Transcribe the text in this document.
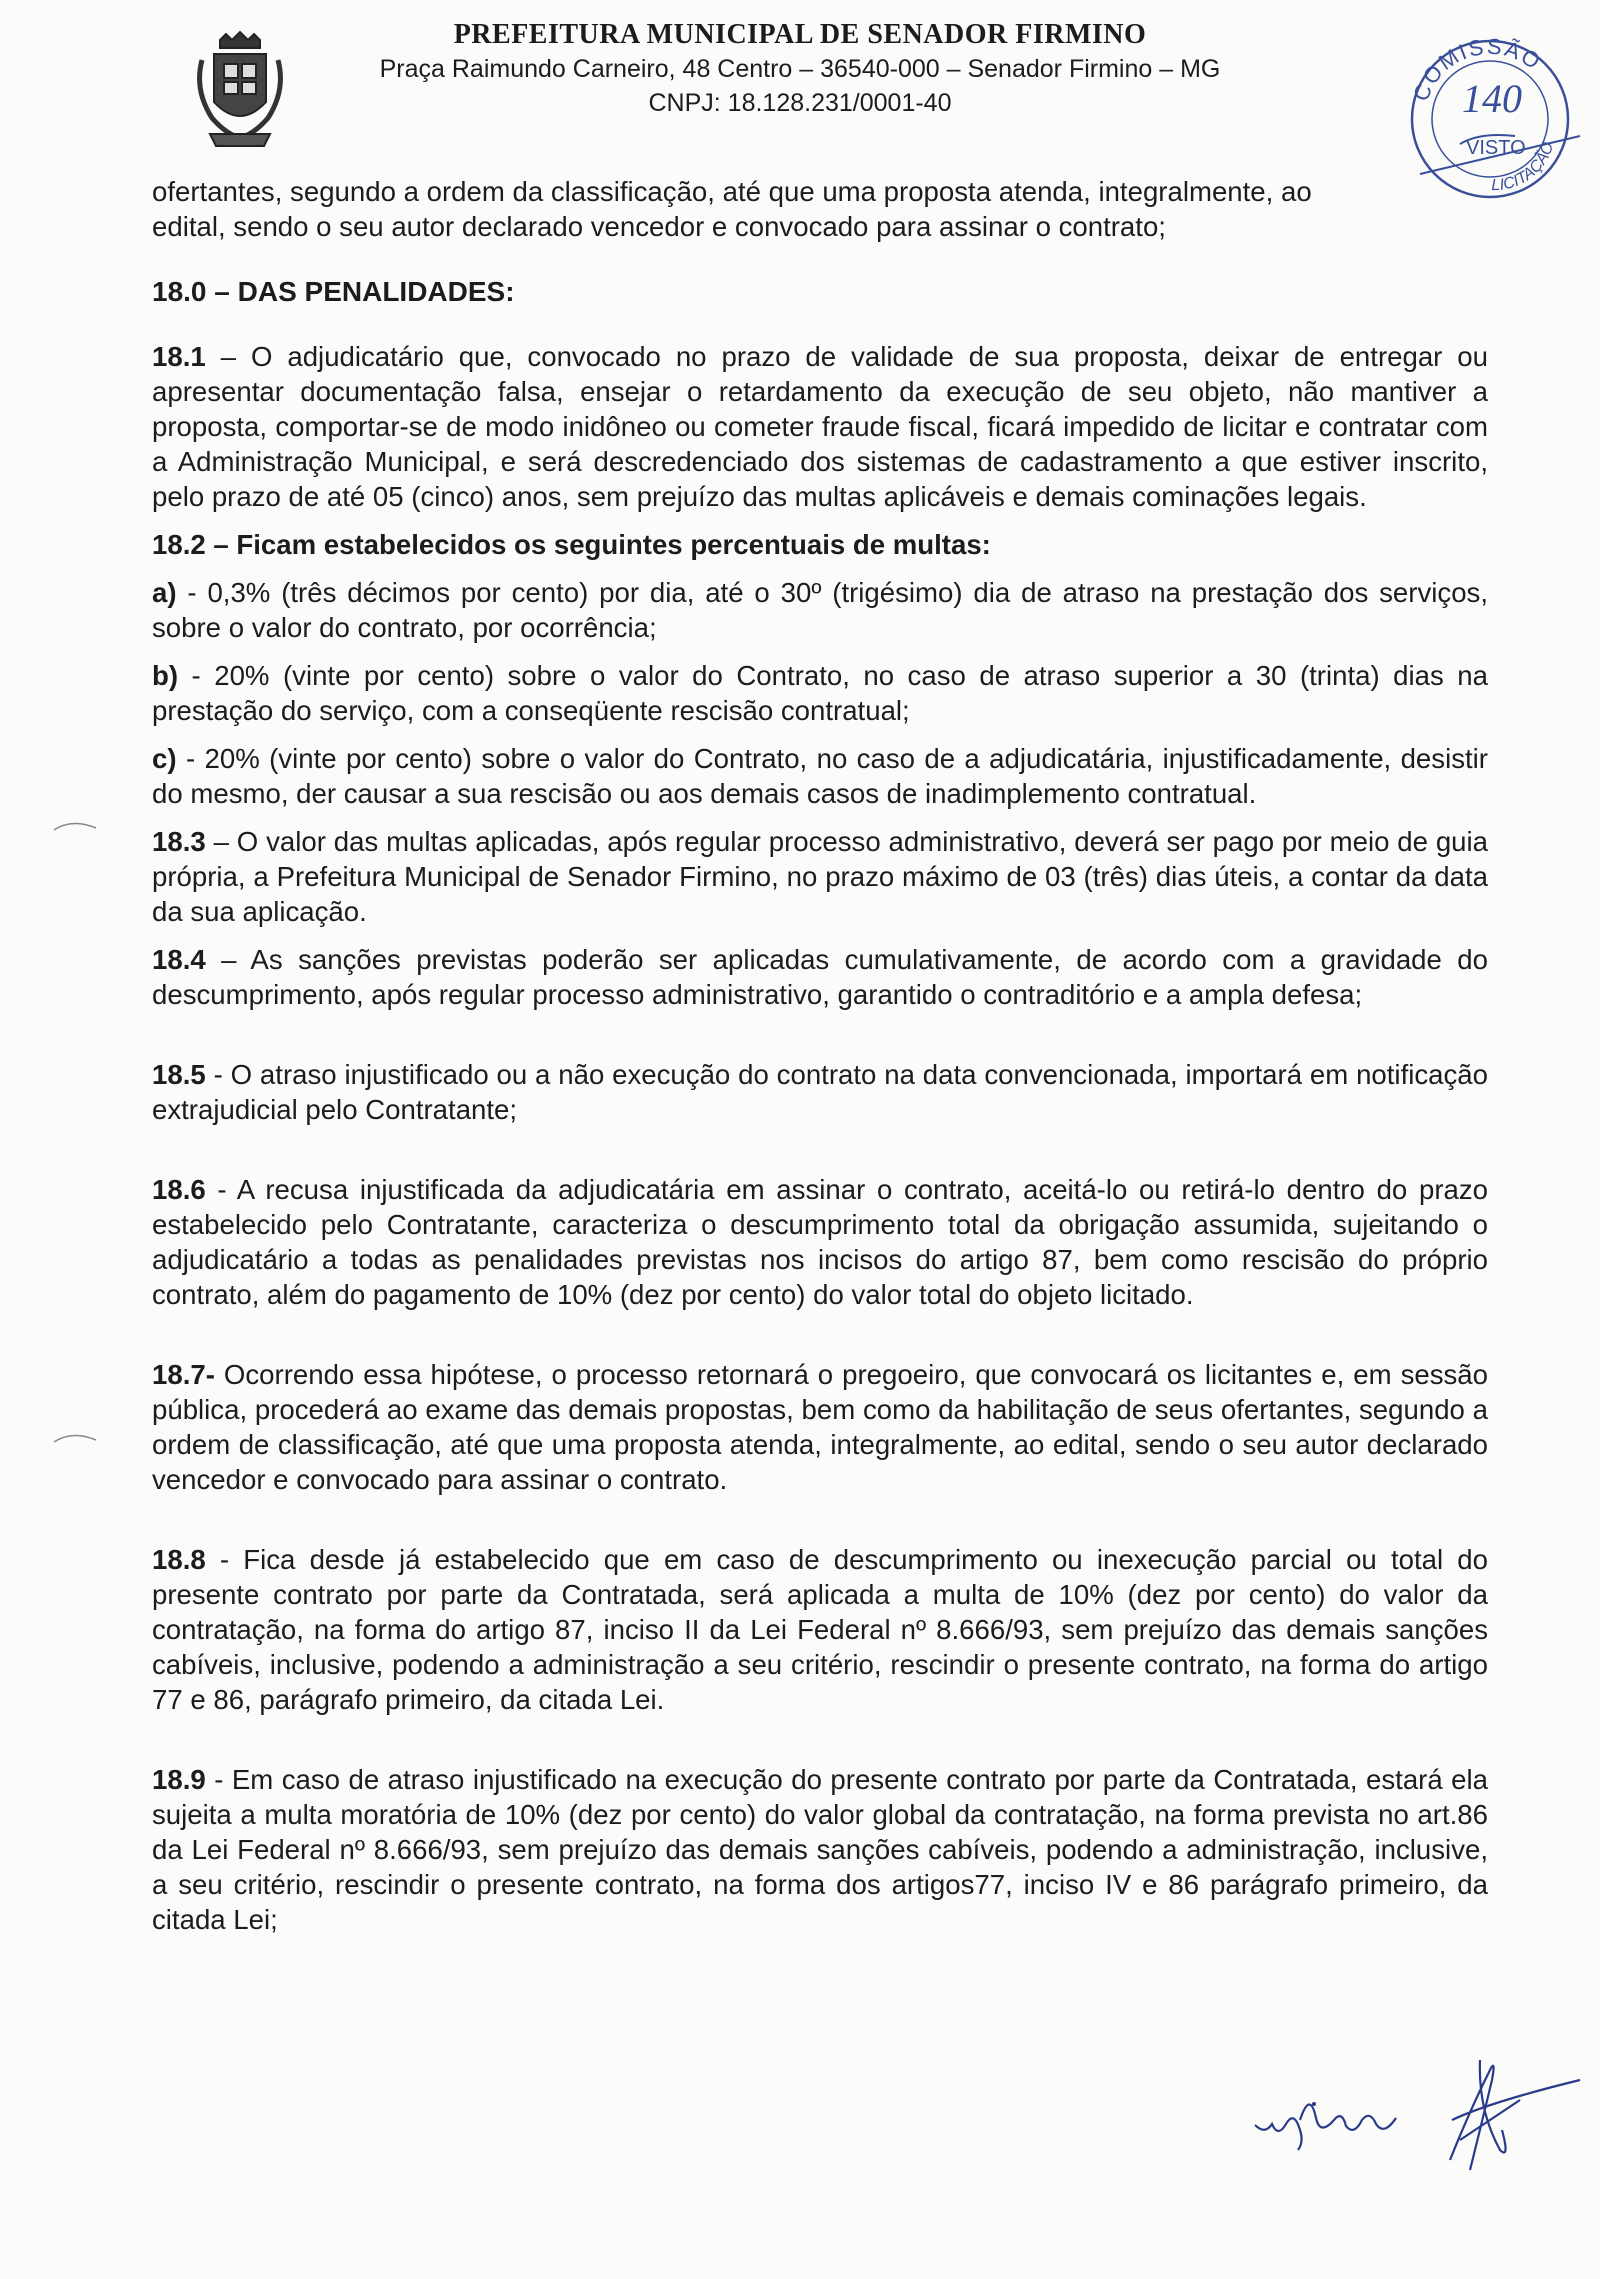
PREFEITURA MUNICIPAL DE SENADOR FIRMINO
Praça Raimundo Carneiro, 48 Centro – 36540-000 – Senador Firmino – MG
CNPJ: 18.128.231/0001-40	COMISSÃO
140
VISTO
LICITAÇÃO

ofertantes, segundo a ordem da classificação, até que uma proposta atenda, integralmente, ao

edital, sendo o seu autor declarado vencedor e convocado para assinar o contrato;

18.0 – DAS PENALIDADES:

18.1 – O adjudicatário que, convocado no prazo de validade de sua proposta, deixar de entregar ou apresentar documentação falsa, ensejar o retardamento da execução de seu objeto, não mantiver a proposta, comportar-se de modo inidôneo ou cometer fraude fiscal, ficará impedido de licitar e contratar com a Administração Municipal, e será descredenciado dos sistemas de cadastramento a que estiver inscrito, pelo prazo de até 05 (cinco) anos, sem prejuízo das multas aplicáveis e demais cominações legais.

18.2 – Ficam estabelecidos os seguintes percentuais de multas:

a) - 0,3% (três décimos por cento) por dia, até o 30º (trigésimo) dia de atraso na prestação dos serviços, sobre o valor do contrato, por ocorrência;

b) - 20% (vinte por cento) sobre o valor do Contrato, no caso de atraso superior a 30 (trinta) dias na prestação do serviço, com a conseqüente rescisão contratual;

c) - 20% (vinte por cento) sobre o valor do Contrato, no caso de a adjudicatária, injustificadamente, desistir do mesmo, der causar a sua rescisão ou aos demais casos de inadimplemento contratual.

18.3 – O valor das multas aplicadas, após regular processo administrativo, deverá ser pago por meio de guia própria, a Prefeitura Municipal de Senador Firmino, no prazo máximo de 03 (três) dias úteis, a contar da data da sua aplicação.

18.4 – As sanções previstas poderão ser aplicadas cumulativamente, de acordo com a gravidade do descumprimento, após regular processo administrativo, garantido o contraditório e a ampla defesa;

18.5 - O atraso injustificado ou a não execução do contrato na data convencionada, importará em notificação extrajudicial pelo Contratante;

18.6 - A recusa injustificada da adjudicatária em assinar o contrato, aceitá-lo ou retirá-lo dentro do prazo estabelecido pelo Contratante, caracteriza o descumprimento total da obrigação assumida, sujeitando o adjudicatário a todas as penalidades previstas nos incisos do artigo 87, bem como rescisão do próprio contrato, além do pagamento de 10% (dez por cento) do valor total do objeto licitado.

18.7- Ocorrendo essa hipótese, o processo retornará o pregoeiro, que convocará os licitantes e, em sessão pública, procederá ao exame das demais propostas, bem como da habilitação de seus ofertantes, segundo a ordem de classificação, até que uma proposta atenda, integralmente, ao edital, sendo o seu autor declarado vencedor e convocado para assinar o contrato.

18.8 - Fica desde já estabelecido que em caso de descumprimento ou inexecução parcial ou total do presente contrato por parte da Contratada, será aplicada a multa de 10% (dez por cento) do valor da contratação, na forma do artigo 87, inciso II da Lei Federal nº 8.666/93, sem prejuízo das demais sanções cabíveis, inclusive, podendo a administração a seu critério, rescindir o presente contrato, na forma do artigo 77 e 86, parágrafo primeiro, da citada Lei.

18.9 - Em caso de atraso injustificado na execução do presente contrato por parte da Contratada, estará ela sujeita a multa moratória de 10% (dez por cento) do valor global da contratação, na forma prevista no art.86 da Lei Federal nº 8.666/93, sem prejuízo das demais sanções cabíveis, podendo a administração, inclusive, a seu critério, rescindir o presente contrato, na forma dos artigos77, inciso IV e 86 parágrafo primeiro, da citada Lei;
